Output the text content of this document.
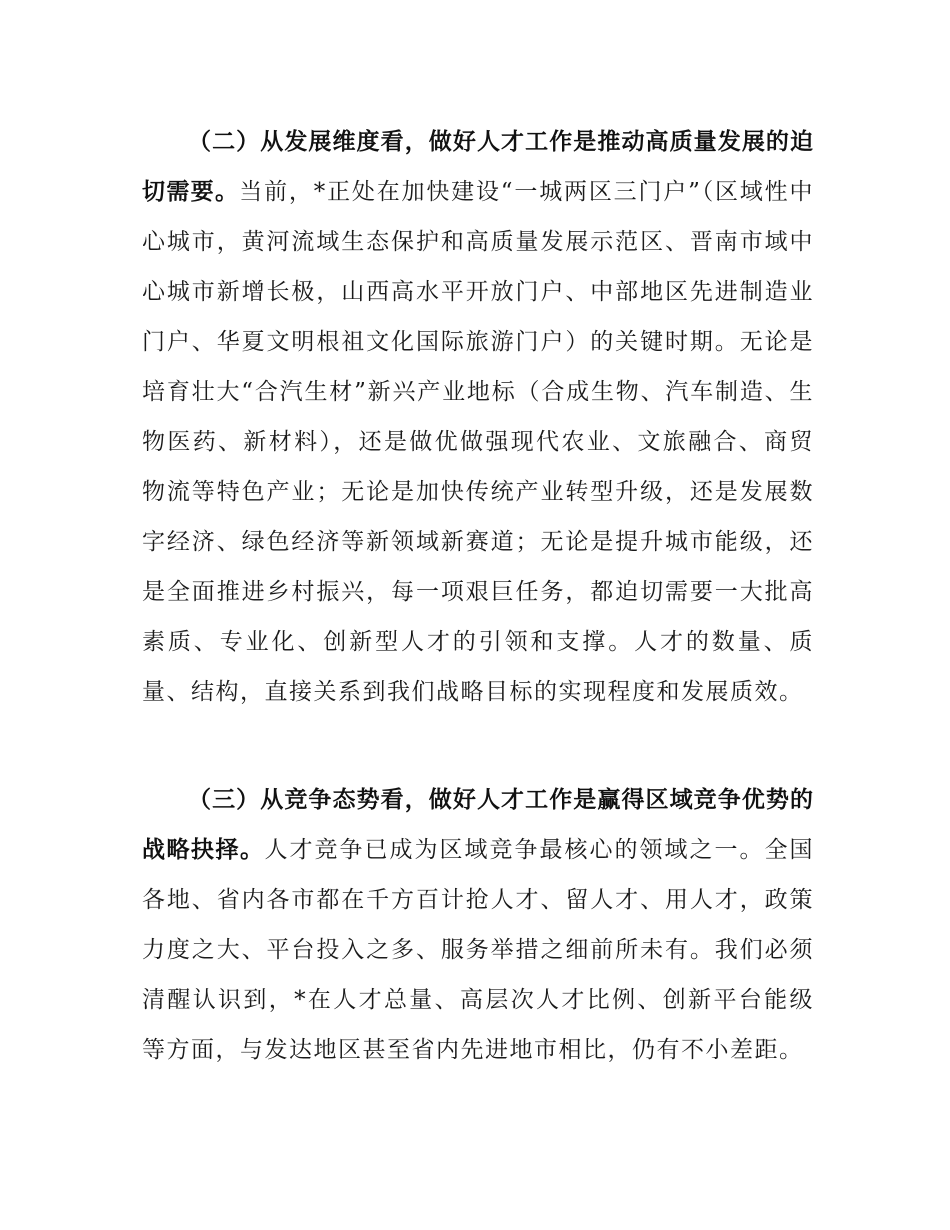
（二）从发展维度看，做好人才工作是推动高质量发展的迫切需要。当前，*正处在加快建设“一城两区三门户”（区域性中心城市，黄河流域生态保护和高质量发展示范区、晋南市域中心城市新增长极，山西高水平开放门户、中部地区先进制造业门户、华夏文明根祖文化国际旅游门户）的关键时期。无论是培育壮大“合汽生材”新兴产业地标（合成生物、汽车制造、生物医药、新材料），还是做优做强现代农业、文旅融合、商贸物流等特色产业；无论是加快传统产业转型升级，还是发展数字经济、绿色经济等新领域新赛道；无论是提升城市能级，还是全面推进乡村振兴，每一项艰巨任务，都迫切需要一大批高素质、专业化、创新型人才的引领和支撑。人才的数量、质量、结构，直接关系到我们战略目标的实现程度和发展质效。

（三）从竞争态势看，做好人才工作是赢得区域竞争优势的战略抉择。人才竞争已成为区域竞争最核心的领域之一。全国各地、省内各市都在千方百计抢人才、留人才、用人才，政策力度之大、平台投入之多、服务举措之细前所未有。我们必须清醒认识到，*在人才总量、高层次人才比例、创新平台能级等方面，与发达地区甚至省内先进地市相比，仍有不小差距。
